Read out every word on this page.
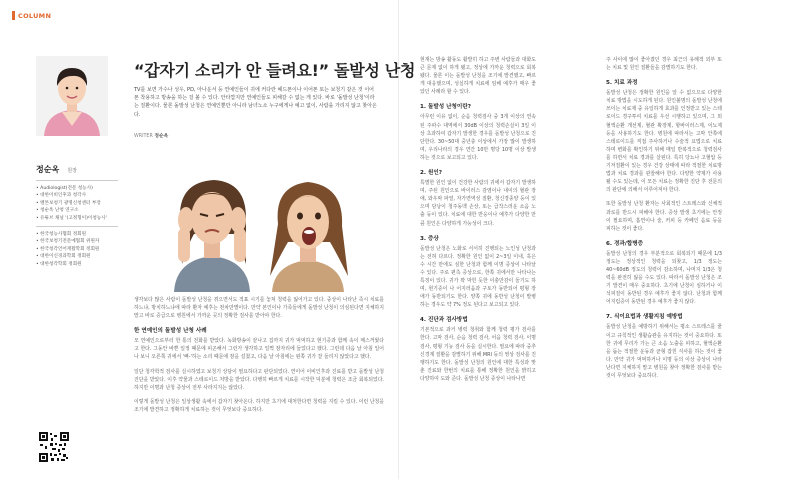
COLUMN
정순옥 원장
• Audiologist(전문 청능사)
• 대한이비인후과 청각사
• 벨톤보청기 광명신청센터 부장
• 청순옥 난청 연구소
• 유튜브 채널 '(고정형이)이청능사'
• 한국청능사협회 정회원
• 한국보청기전문예협회 위원자
• 한국청각언어재활학회 정회원
• 대한이신경과학회 정회원
• 대한청각학회 정회원
“갑자기 소리가 안 들려요!” 돌발성 난청
TV를 보면 가수나 성우, PD, 아나운서 등 연예인들이 귀에 커다란 헤드폰이나 이어폰 또는 보청기 같은 것 이어 폰 착용하고 방송을 하는 걸 볼 수 있다. 안타깝지만 연예인들도 피해갈 수 없는 게 있다. 바로 '돌발성 난청'이라는 질환이다. 물론 돌발성 난청은 연예인뿐만 아니라 남녀노소 누구에게나 예고 없이, 사람을 가리지 않고 찾아온다.
WRITER 정순옥

생각보다 많은 사람이 돌발성 난청을 겪으면서도 적표 시기를 놓쳐 청력을 잃어가고 있다. 중상이 나타난 즉시 치료를 하느냐, 방치하느냐에 따라 환자 예후는 천차만별이다. 만약 본인이나 가족들에게 돌발성 난청이 의심된다면 지체하지 말고 바로 증급으로 병원에서 가까운 곳의 정확한 검사를 받아야 한다.

한 연예인의 돌발성 난청 사례

모 연예인으로부터 한 통의 전화를 받았다. 녹화방송이 끝나고 집까지 귀가 먹먹하고 현기증과 함께 속이 메스꺼웠다고 한다. 그동안 바쁜 일정 때문에 피곤해서 그런가 생각하고 일찍 잠자리에 들었다고 했다. 그런데 다음 날 아침 일어나 보니 오른쪽 귀에서 '삐-'하는 소리 때문에 잠을 설쳤고, 다음 날 아침에는 왼쪽 귀가 잘 들리지 않았다고 했다.

일단 청각학적 검사를 실시하였고 보청기 상담이 필요하다고 판단되었다. 연이어 이비인후과 진료를 받고 돌발성 난청 진단을 받았다. 이후 약물과 스테로이드 처방을 받았다. 다행히 빠르게 치료를 시작한 덕분에 청력은 조금 회복되었다. 하지만 이명과 난청 증상이 전부 사라지지는 않았다.

이렇게 돌발성 난청은 일상생활 속에서 갑자기 찾아온다. 하지만 초기에 대처한다면 청력을 지킬 수 있다. 이런 난청을 조기에 발견하고 정확하게 치료하는 것이 무엇보다 중요하다.

현재는 방송 활동도 활발히 하고 주변 사람들과 대화도 큰 문제 없이 하게 됐고, 정상에 가까운 청력으로 회복됐다. 물론 이는 돌발성 난청을 조기에 발견했고, 빠르게 대응했으며, 성실하게 치료에 임해 예후가 매우 좋았던 사례라 할 수 있다.

1. 돌발성 난청이란?

아무런 이유 없이, 순음 청력검사 중 3개 이상의 연속된 주파수 대역에서 30dB 이상의 청력손실이 3일 이상 초과하여 갑자기 발생한 경우를 돌발성 난청으로 진단한다. 30~50대 중년층 이상에서 가장 많이 발생하며, 우리나라의 경우 연간 10만 명당 10명 이상 발생하는 것으로 보고되고 있다.

2. 원인?

특별한 원인 없이 건강한 사람의 귀에서 갑자기 발생하며, 주된 원인으로 바이러스 감염이나 내이의 혈관 장애, 와우막 파열, 자가면역성 질환, 청신경종양 등이 있으며 담낭이 청주동맥 손상, 또는 급작스러운 소음 노출 등이 있다. 치료에 대한 반응이나 예후가 다양한 만큼 원인은 다양하게 가능성이 크다.

3. 증상

돌발성 난청은 노화로 서서히 진행되는 노인성 난청과는 전혀 다르다. 정확한 원인 없이 2~3일 이내, 혹은 수 시간 만에도 심한 난청과 함께 이명 증상이 나타날 수 있다. 주로 편측 증상으로, 한쪽 귀에서만 나타나는 특징이 있다. 귀가 꽉 막힌 듯한 이충만감이 들기도 하며, 현기증이 나 어지러움과 구토가 동반되어 평형 장애가 동반되기도 한다. 양쪽 귀에 동반성 난청이 발병하는 경우도 약 7% 정도 된다고 보고되고 있다.

4. 진단과 검사방법

기본적으로 과거 병력 청취와 함께 청력 평가 검사를 한다. 고막 검사, 순음 청력 검사, 어음 청력 검사, 이명 검사, 평형 기능 검사 등을 실시한다. 필요에 따라 중추 신경계 질환을 감별하기 위해 MRI 등의 영상 검사를 진행하기도 한다. 돌발성 난청의 원인에 대한 특성과 맞춘 진료와 한번의 치료를 통해 정확한 원인을 밝히고 다양하여 도와 준다. 돌발성 난청 증상이 나타나면

주 사이에 많이 좋아졌던 경우 최근의 유례적 외부 또는 치료 및 원인 질환들을 감별하기도 한다.

5. 치료 과정

돌발성 난청은 정확한 원인을 알 수 없으므로 다양한 치료 방법을 시도하게 된다. 원인불명의 돌발성 난청에 쓰이는 치료제 중 유일하게 효과를 인정받고 있는 스테로이드 경구투여 치료를 우선 시행하고 있으며, 그 외 혈액순환 개선제, 혈관 확장제, 항바이러스제, 이뇨제 등을 사용하기도 한다. 병원에 따라서는 고막 안쪽에 스테로이드를 직접 주사하거나 수술적 요법으로 치료하며 변화를 확인하기 위해 매일 반복적으로 청력검사를 하면서 치료 경과를 살핀다. 특히 당뇨나 고혈압 등 기저질환이 있는 경우 건강 상태에 따라 적절한 치료방법과 치료 경과를 관찰해야 한다. 다양한 약제가 사용될 수도 있는데, 이 모든 치료는 정확한 진단 후 전문의의 판단에 의해서 이루어져야 한다.

또한 돌발성 난청 환자는 사회적인 스트레스와 신체적 과로를 반드시 피해야 한다. 증상 발생 초기에는 안정이 필요하며, 흡연이나 술, 커피 등 카페인 음료 등을 피하는 것이 좋다.

6. 경과/합병증

돌발성 난청의 경우 부분적으로 회복되기 때문에 1/3 정도는 정상적인 청력을 되찾고, 1/3 정도는 40~60dB 정도의 청력이 감소하며, 나머지 1/3은 청력을 완전히 잃을 수도 있다. 따라서 돌발성 난청은 조기 발견이 매우 중요하다. 초기에 난청이 심하거나 이석피질이 동반된 경우 예후가 좋지 않다. 난청과 함께 어지럼증이 동반된 경우 예후가 좋지 않다.

7. 식이요법과 생활지침 예방법

돌발성 난청을 예방하기 위해서는 평소 스트레스를 줄이고 규칙적인 생활습관을 유지하는 것이 중요하다. 또한 귀에 무리가 가는 큰 소음 노출을 피하고, 혈액순환을 돕는 적절한 운동과 균형 잡힌 식사를 하는 것이 좋다. 만약 귀가 먹먹하거나 이명 등의 이상 증상이 나타난다면 지체하지 말고 병원을 찾아 정확한 검사를 받는 것이 무엇보다 중요하다.
